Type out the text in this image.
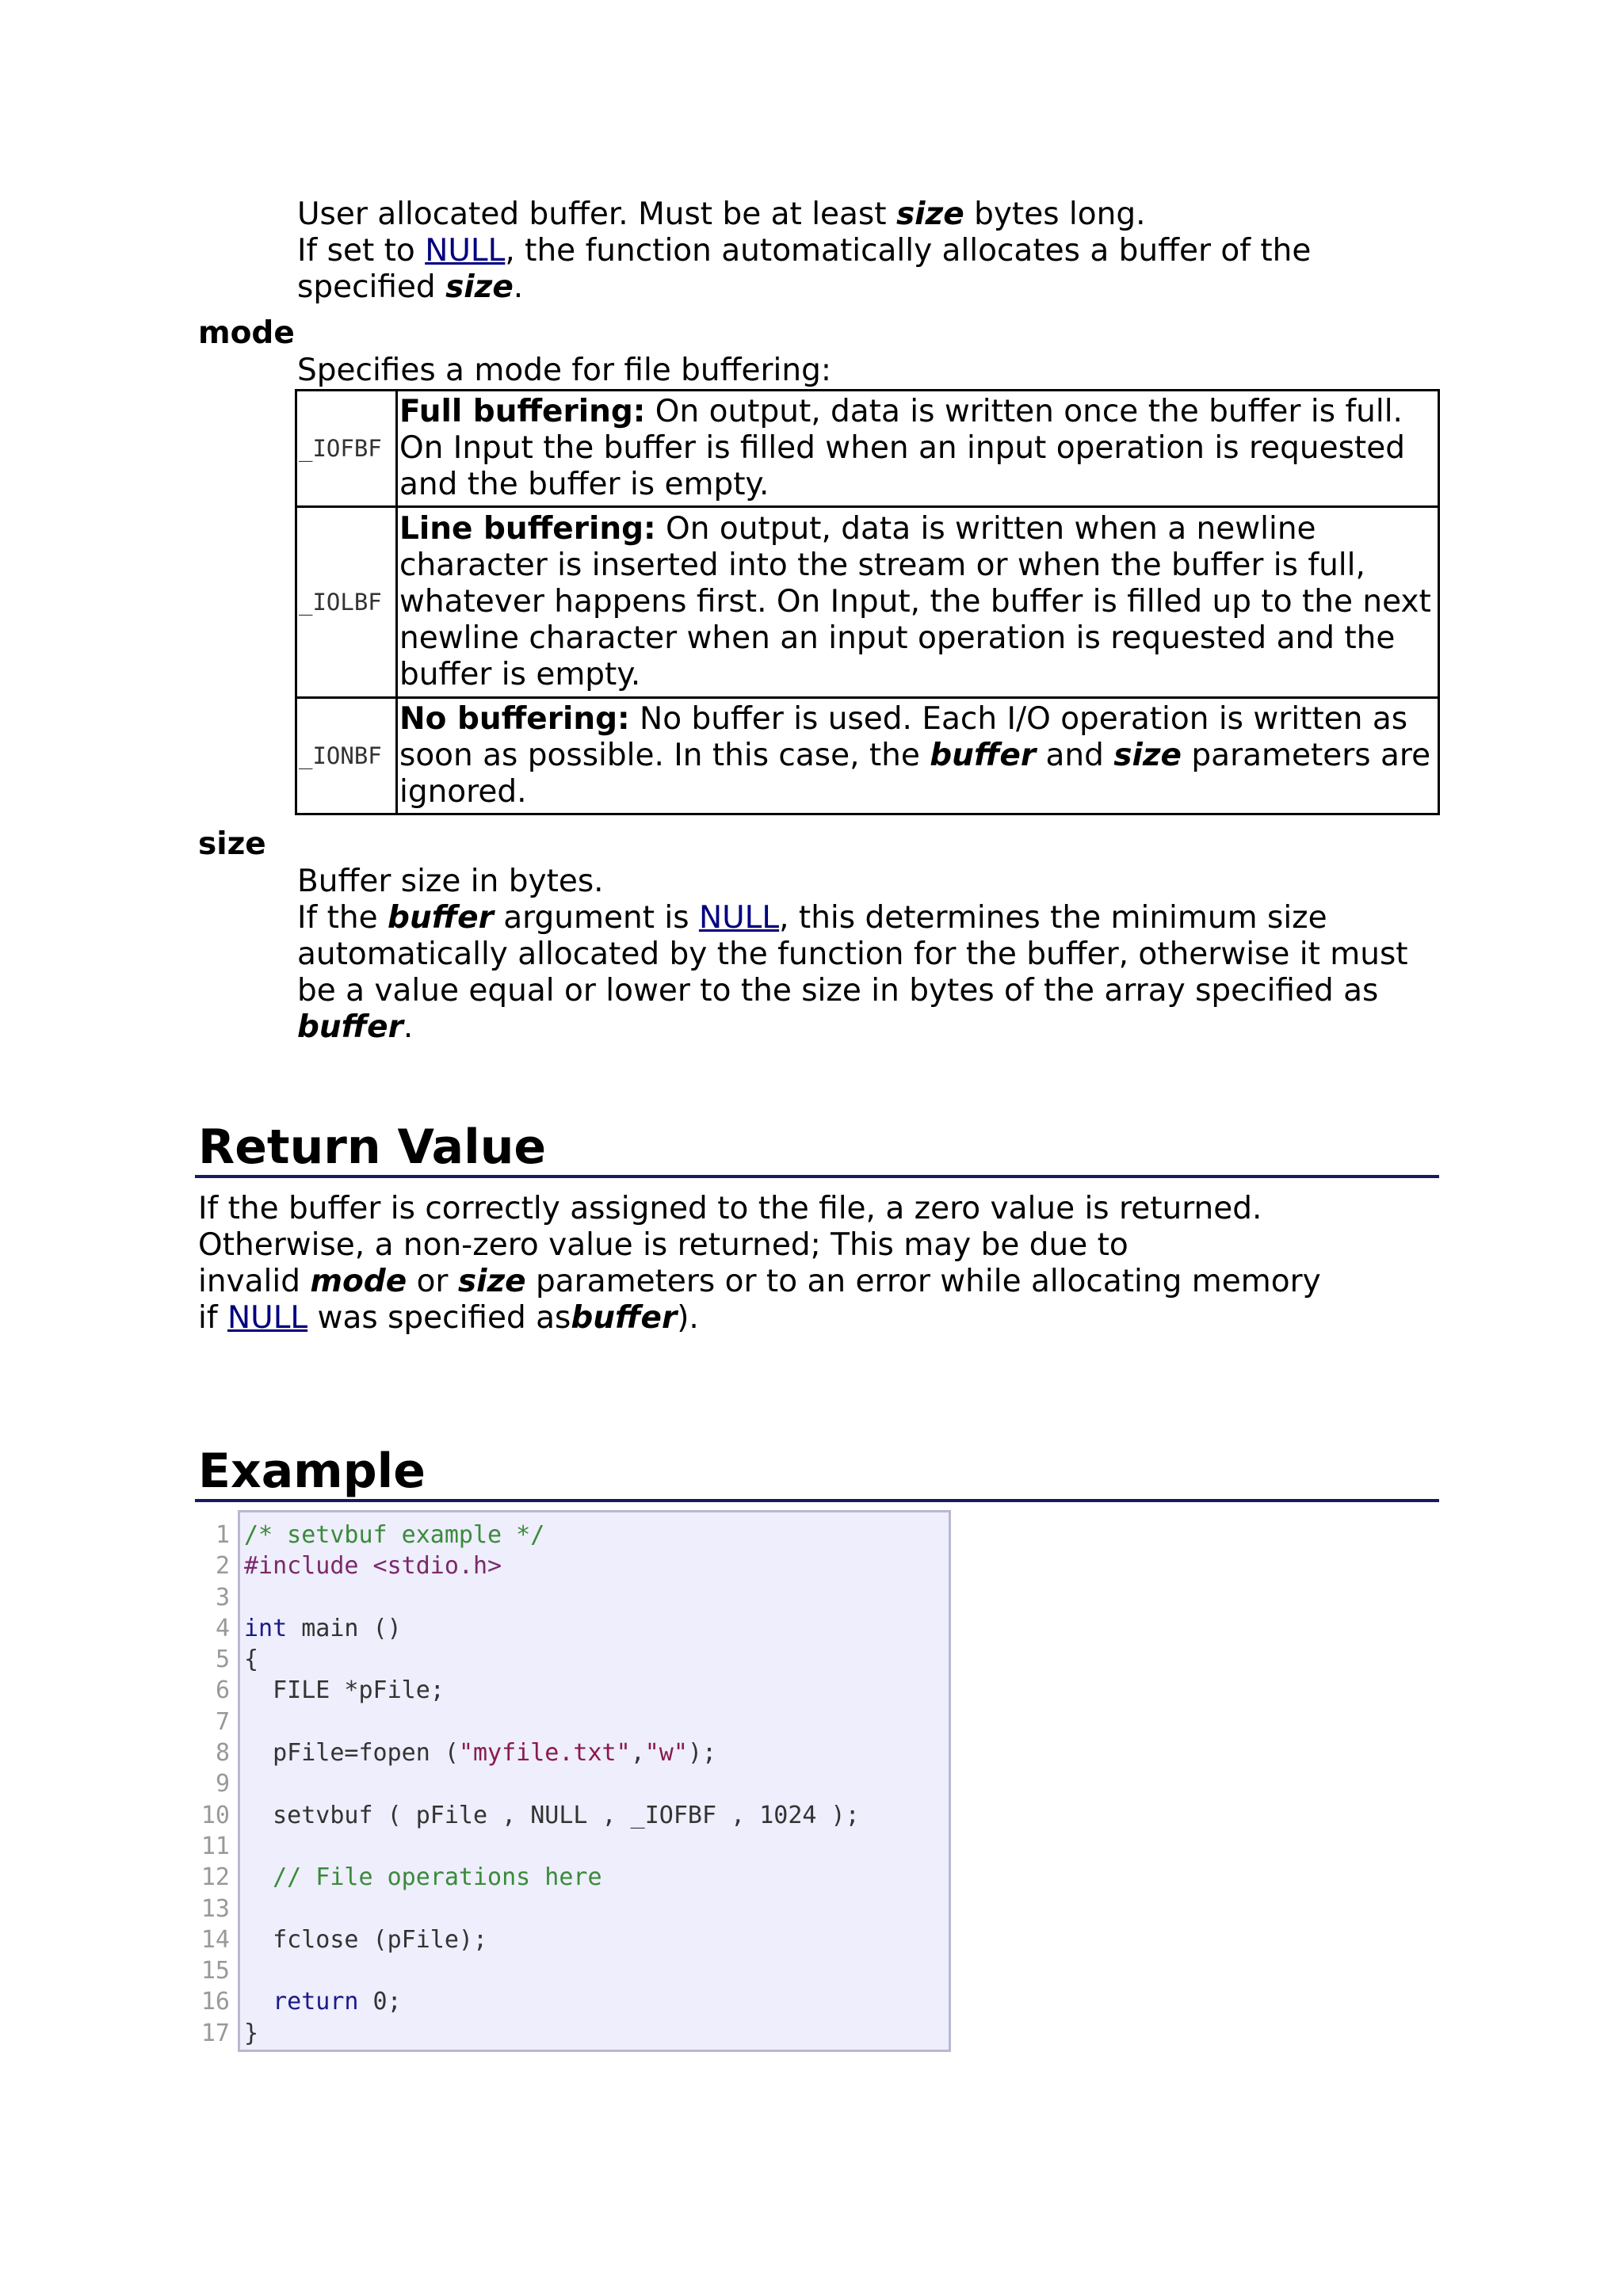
User allocated buffer. Must be at least size bytes long.
If set to NULL, the function automatically allocates a buffer of the
specified size.
mode
Specifies a mode for file buffering:
_IOFBF	Full buffering: On output, data is written once the buffer is full. On Input the buffer is filled when an input operation is requested and the buffer is empty.
_IOLBF	Line buffering: On output, data is written when a newline character is inserted into the stream or when the buffer is full, whatever happens first. On Input, the buffer is filled up to the next newline character when an input operation is requested and the buffer is empty.
_IONBF	No buffering: No buffer is used. Each I/O operation is written as soon as possible. In this case, the buffer and size parameters are ignored.
size
Buffer size in bytes.
If the buffer argument is NULL, this determines the minimum size automatically allocated by the function for the buffer, otherwise it must be a value equal or lower to the size in bytes of the array specified as buffer.
Return Value
If the buffer is correctly assigned to the file, a zero value is returned.
Otherwise, a non-zero value is returned; This may be due to
invalid mode or size parameters or to an error while allocating memory
if NULL was specified asbuffer).
Example
1
2
3
4
5
6
7
8
9
10
11
12
13
14
15
16
17
/* setvbuf example */
#include <stdio.h>

int main ()
{
FILE *pFile;

pFile=fopen ("myfile.txt","w");

setvbuf ( pFile , NULL , _IOFBF , 1024 );

// File operations here

fclose (pFile);

return 0;
}
